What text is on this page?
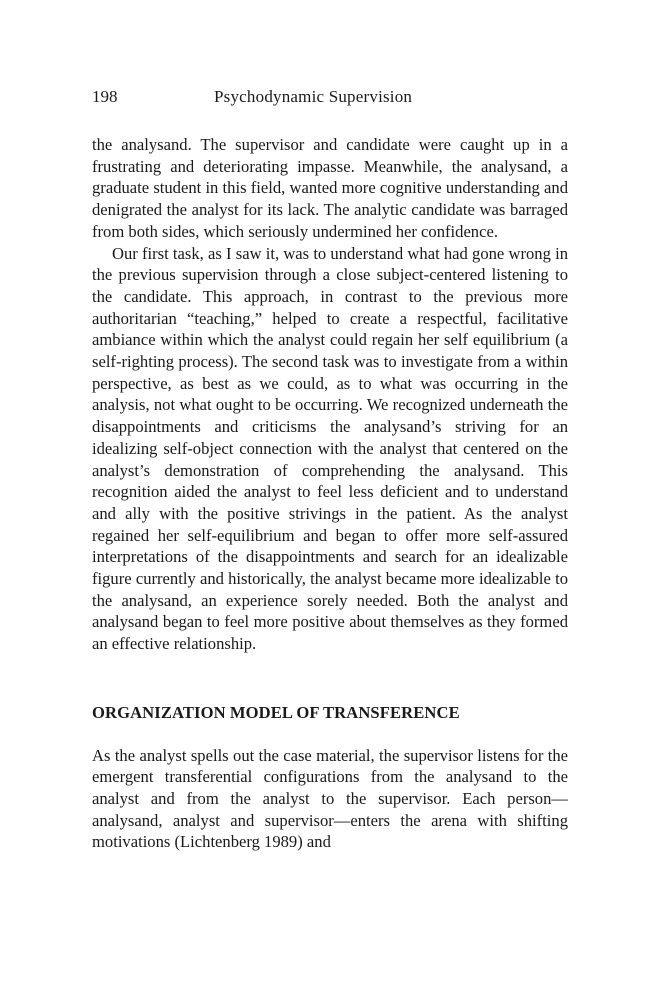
198	Psychodynamic Supervision

the analysand. The supervisor and candidate were caught up in a frustrating and deteriorating impasse. Meanwhile, the analysand, a graduate student in this field, wanted more cognitive understanding and denigrated the analyst for its lack. The analytic candidate was barraged from both sides, which seriously undermined her confidence.

Our first task, as I saw it, was to understand what had gone wrong in the previous supervision through a close subject-centered listening to the candidate. This approach, in contrast to the previous more authoritarian “teaching,” helped to create a respectful, facilitative ambiance within which the analyst could regain her self equilibrium (a self-righting process). The second task was to investigate from a within perspective, as best as we could, as to what was occurring in the analysis, not what ought to be occurring. We recognized underneath the disappointments and criticisms the analysand’s striving for an idealizing self-object connection with the analyst that centered on the analyst’s demonstration of comprehending the analysand. This recognition aided the analyst to feel less deficient and to understand and ally with the positive strivings in the patient. As the analyst regained her self-equilibrium and began to offer more self-assured interpretations of the disappointments and search for an idealizable figure currently and historically, the analyst became more idealizable to the analysand, an experience sorely needed. Both the analyst and analysand began to feel more positive about themselves as they formed an effective relationship.

ORGANIZATION MODEL OF TRANSFERENCE

As the analyst spells out the case material, the supervisor listens for the emergent transferential configurations from the analysand to the analyst and from the analyst to the supervisor. Each person—analysand, analyst and supervisor—enters the arena with shifting motivations (Lichtenberg 1989) and
